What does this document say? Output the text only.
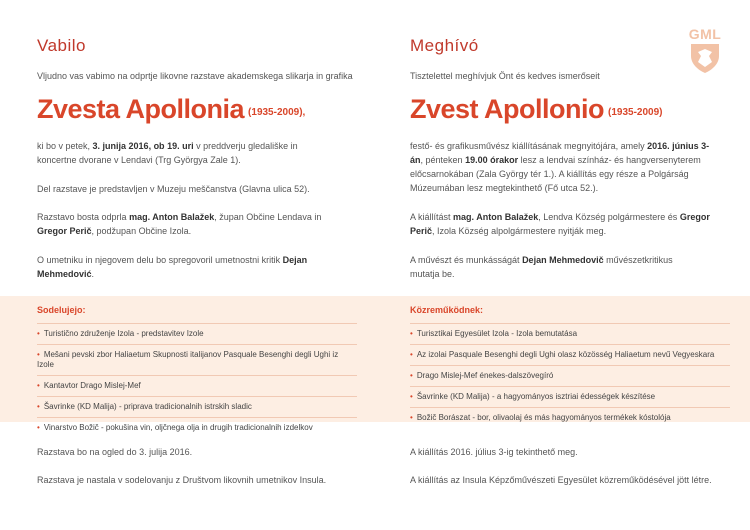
Vabilo
Vljudno vas vabimo na odprtje likovne razstave akademskega slikarja in grafika
Zvesta Apollonia (1935-2009),
ki bo v petek, 3. junija 2016, ob 19. uri v preddverju gledališke in koncertne dvorane v Lendavi (Trg Györgya Zale 1).
Del razstave je predstavljen v Muzeju meščanstva (Glavna ulica 52).
Razstavo bosta odprla mag. Anton Balažek, župan Občine Lendava in Gregor Perič, podžupan Občine Izola.
O umetniku in njegovem delu bo spregovoril umetnostni kritik Dejan Mehmedović.
Meghívó
Tisztelettel meghívjuk Önt és kedves ismerőseit
Zvest Apollonio (1935-2009)
festő- és grafikusművész kiállításának megnyitójára, amely 2016. június 3-án, pénteken 19.00 órakor lesz a lendvai színház- és hangversenyterem előcsarnokában (Zala György tér 1.). A kiállítás egy része a Polgárság Múzeumában lesz megtekinthető (Fő utca 52.).
A kiállítást mag. Anton Balažek, Lendva Község polgármestere és Gregor Perič, Izola Község alpolgármestere nyitják meg.
A művészt és munkásságát Dejan Mehmedovič művészetkritikus mutatja be.
GML
Sodelujejo:
• Turistično združenje Izola - predstavitev Izole
• Mešani pevski zbor Haliaetum Skupnosti italijanov Pasquale Besenghi degli Ughi iz Izole
• Kantavtor Drago Mislej-Mef
• Šavrinke (KD Malija) - priprava tradicionalnih istrskih sladic
• Vinarstvo Božič - pokušina vin, oljčnega olja in drugih tradicionalnih izdelkov
Közreműködnek:
• Turisztikai Egyesület Izola - Izola bemutatása
• Az izolai Pasquale Besenghi degli Ughi olasz közösség Haliaetum nevű Vegyeskara
• Drago Mislej-Mef énekes-dalszövegíró
• Šavrinke (KD Malija) - a hagyományos isztriai édességek készítése
• Božič Borászat - bor, olivaolaj és más hagyományos termékek kóstolója
Razstava bo na ogled do 3. julija 2016.
Razstava je nastala v sodelovanju z Društvom likovnih umetnikov Insula.
A kiállítás 2016. július 3-ig tekinthető meg.
A kiállítás az Insula Képzőművészeti Egyesület közreműködésével jött létre.
